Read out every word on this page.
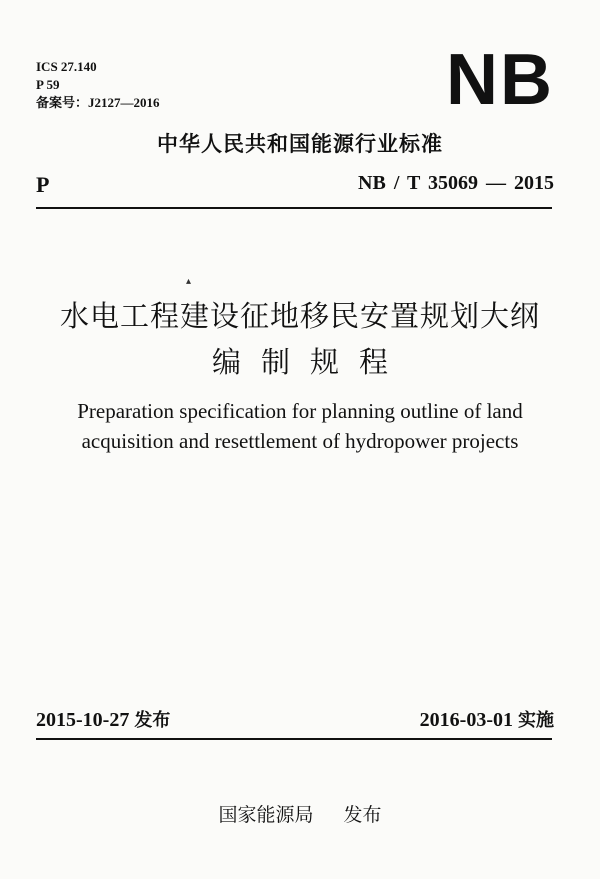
ICS 27.140
P 59
备案号：J2127—2016	NB
中华人民共和国能源行业标准
P	NB / T 35069 — 2015
▴
水电工程建设征地移民安置规划大纲
编制规程
Preparation specification for planning outline of land
acquisition and resettlement of hydropower projects
2015-10-27 发布	2016-03-01 实施
国家能源局 发布
